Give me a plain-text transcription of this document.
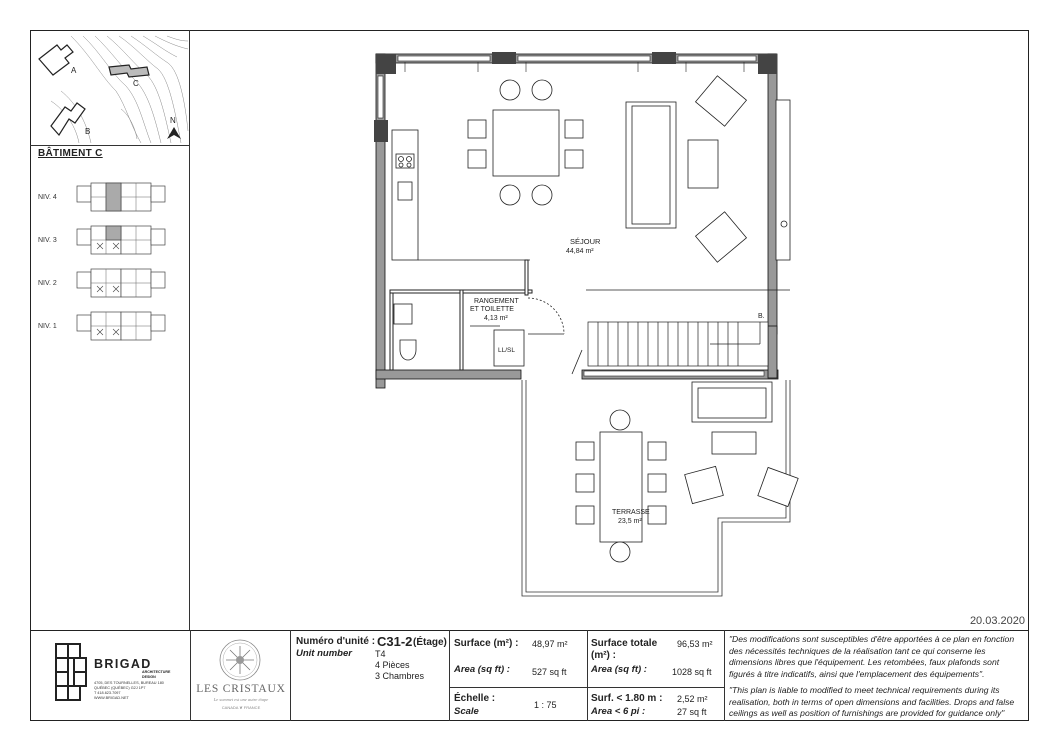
A
C
B
N
BÂTIMENT C
NIV. 4
NIV. 3
NIV. 2
NIV. 1
SÉJOUR
44,84 m²
RANGEMENT
ET TOILETTE
4,13 m²
LL/SL
B.
TERRASSE
23,5 m²
20.03.2020
BRIGAD
ARCHITECTURE DESIGN
4705, DES TOURNELLES, BUREAU 180
QUÉBEC (QUÉBEC) G2J 1P7
T 418.623.7097
WWW.BRIGAD.NET
LES CRISTAUX
Le sommet est une autre étape
CANADA ❦ FRANCE
Numéro d'unité :
Unit number
C31-2 (Étage)
T4
4 Pièces
3 Chambres
Surface (m²) : 48,97 m²
Area (sq ft) : 527 sq ft
Échelle :
Scale
1 : 75
Surface totale
(m²) :
96,53 m²
Area (sq ft) :	1028 sq ft
Surf. < 1.80 m : 2,52 m²
Area < 6 pi :	27 sq ft
"Des modifications sont susceptibles d'être apportées à ce plan en fonction des nécessités techniques de la réalisation tant ce qui conserne les dimensions libres que l'équipement. Les retombées, faux plafonds sont figurés à titre indicatifs, ainsi que l'emplacement des équipements".
"This plan is liable to modified to meet technical requirements during its realisation, both in terms of open dimensions and facilities. Drops and false ceilings as well as position of furnishings are provided for guidance only"
